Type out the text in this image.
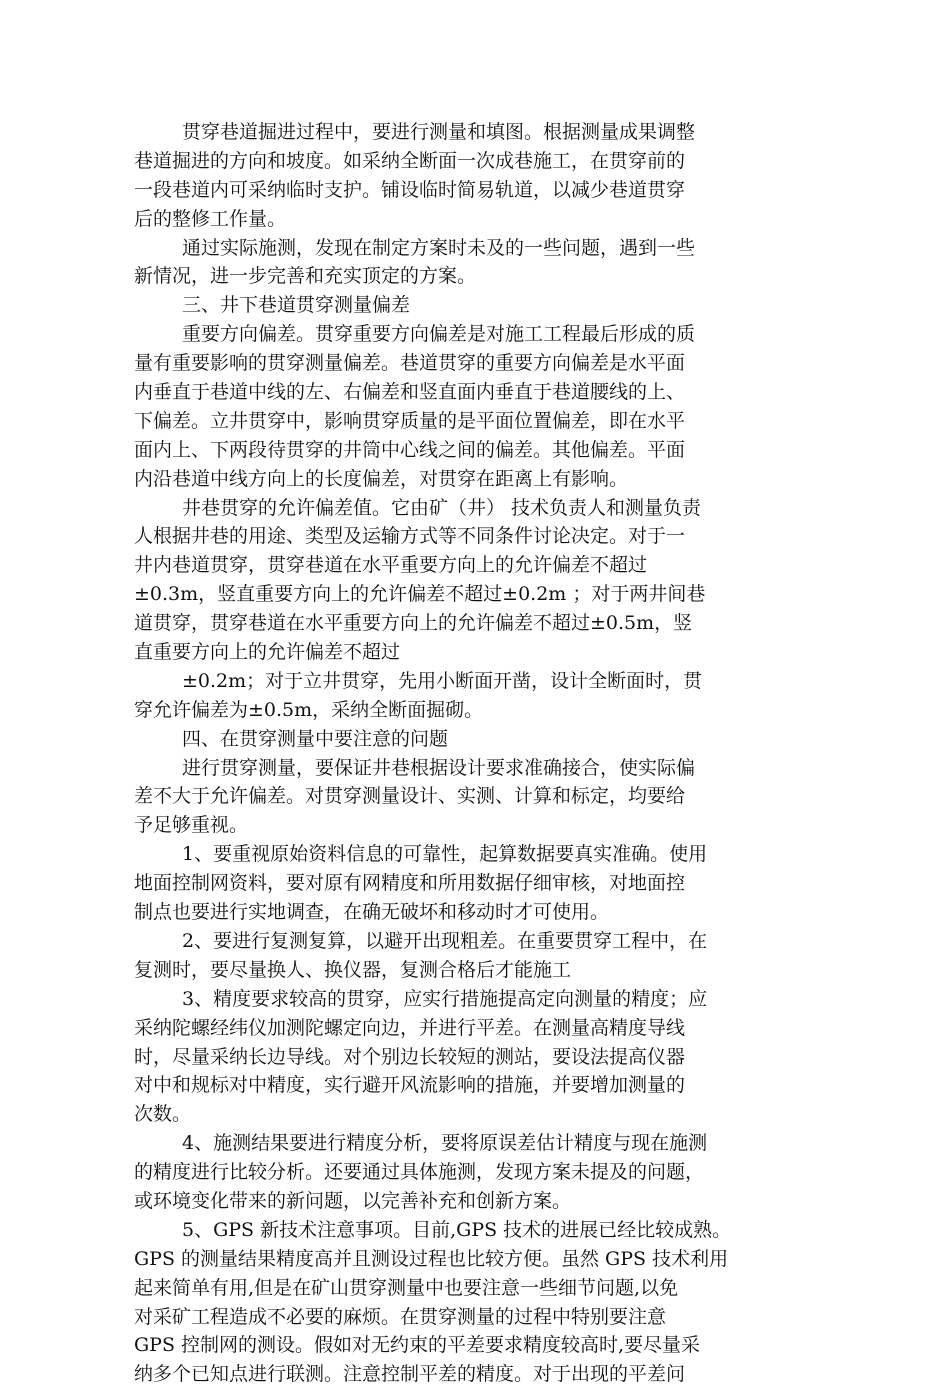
贯穿巷道掘进过程中，要进行测量和填图。根据测量成果调整
巷道掘进的方向和坡度。如采纳全断面一次成巷施工，在贯穿前的
一段巷道内可采纳临时支护。铺设临时简易轨道，以减少巷道贯穿
后的整修工作量。
通过实际施测，发现在制定方案时未及的一些问题，遇到一些
新情况，进一步完善和充实顶定的方案。
三、井下巷道贯穿测量偏差
重要方向偏差。贯穿重要方向偏差是对施工工程最后形成的质
量有重要影响的贯穿测量偏差。巷道贯穿的重要方向偏差是水平面
内垂直于巷道中线的左、右偏差和竖直面内垂直于巷道腰线的上、
下偏差。立井贯穿中，影响贯穿质量的是平面位置偏差，即在水平
面内上、下两段待贯穿的井筒中心线之间的偏差。其他偏差。平面
内沿巷道中线方向上的长度偏差，对贯穿在距离上有影响。
井巷贯穿的允许偏差值。它由矿（井） 技术负责人和测量负责
人根据井巷的用途、类型及运输方式等不同条件讨论决定。对于一
井内巷道贯穿，贯穿巷道在水平重要方向上的允许偏差不超过
±0.3m，竖直重要方向上的允许偏差不超过±0.2m ；对于两井间巷
道贯穿，贯穿巷道在水平重要方向上的允许偏差不超过±0.5m，竖
直重要方向上的允许偏差不超过
±0.2m；对于立井贯穿，先用小断面开凿，设计全断面时，贯
穿允许偏差为±0.5m，采纳全断面掘砌。
四、在贯穿测量中要注意的问题
进行贯穿测量，要保证井巷根据设计要求准确接合，使实际偏
差不大于允许偏差。对贯穿测量设计、实测、计算和标定，均要给
予足够重视。
1、要重视原始资料信息的可靠性，起算数据要真实准确。使用
地面控制网资料，要对原有网精度和所用数据仔细审核，对地面控
制点也要进行实地调查，在确无破坏和移动时才可使用。
2、要进行复测复算，以避开出现粗差。在重要贯穿工程中，在
复测时，要尽量换人、换仪器，复测合格后才能施工
3、精度要求较高的贯穿，应实行措施提高定向测量的精度；应
采纳陀螺经纬仪加测陀螺定向边，并进行平差。在测量高精度导线
时，尽量采纳长边导线。对个别边长较短的测站，要设法提高仪器
对中和规标对中精度，实行避开风流影响的措施，并要增加测量的
次数。
4、施测结果要进行精度分析，要将原误差估计精度与现在施测
的精度进行比较分析。还要通过具体施测，发现方案未提及的问题，
或环境变化带来的新问题，以完善补充和创新方案。
5、GPS 新技术注意事项。目前,GPS 技术的进展已经比较成熟。
GPS 的测量结果精度高并且测设过程也比较方便。虽然 GPS 技术利用
起来简单有用,但是在矿山贯穿测量中也要注意一些细节问题,以免
对采矿工程造成不必要的麻烦。在贯穿测量的过程中特别要注意
GPS 控制网的测设。假如对无约束的平差要求精度较高时,要尽量采
纳多个已知点进行联测。注意控制平差的精度。对于出现的平差问
